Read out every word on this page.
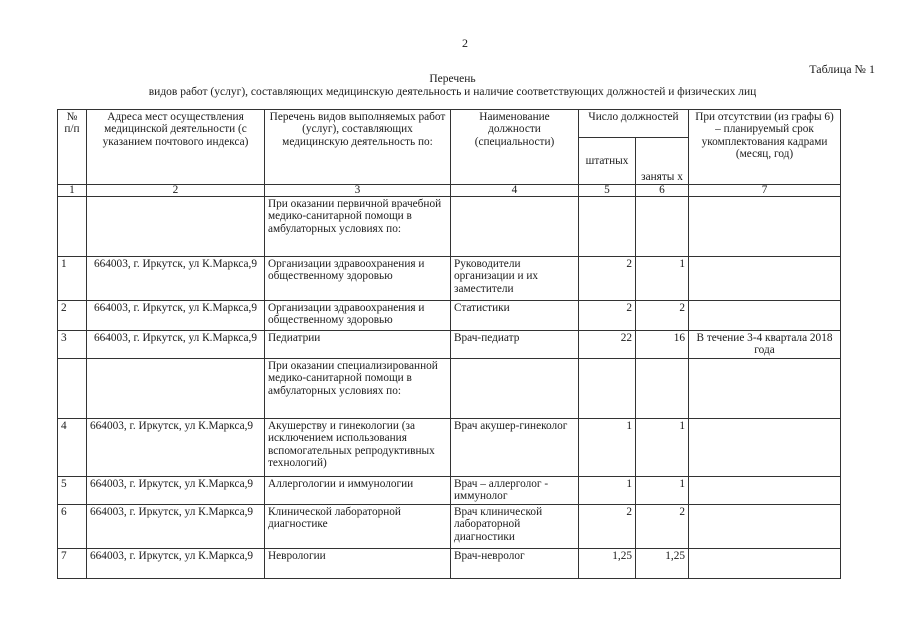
2
Таблица № 1
Перечень
видов работ (услуг), составляющих медицинскую деятельность и наличие соответствующих должностей и физических лиц
№ п/п	Адреса мест осуществления медицинской деятельности (с указанием почтового индекса)	Перечень видов выполняемых работ (услуг), составляющих медицинскую деятельность по:	Наименование должности (специальности)	Число должностей		При отсутствии (из графы 6) – планируемый срок укомплектования кадрами (месяц, год)
				штатных	заняты х	
1	2	3	4	5	6	7
		При оказании первичной врачебной медико-санитарной помощи в амбулаторных условиях по:				
1	664003, г. Иркутск, ул К.Маркса,9	Организации здравоохранения и общественному здоровью	Руководители организации и их заместители	2	1	
2	664003, г. Иркутск, ул К.Маркса,9	Организации здравоохранения и общественному здоровью	Статистики	2	2	
3	664003, г. Иркутск, ул К.Маркса,9	Педиатрии	Врач-педиатр	22	16	В течение 3-4 квартала 2018 года
		При оказании специализированной медико-санитарной помощи в амбулаторных условиях по:				
4	664003, г. Иркутск, ул К.Маркса,9	Акушерству и гинекологии (за исключением использования вспомогательных репродуктивных технологий)	Врач акушер-гинеколог	1	1	
5	664003, г. Иркутск, ул К.Маркса,9	Аллергологии и иммунологии	Врач – аллерголог - иммунолог	1	1	
6	664003, г. Иркутск, ул К.Маркса,9	Клинической лабораторной диагностике	Врач клинической лабораторной диагностики	2	2	
7	664003, г. Иркутск, ул К.Маркса,9	Неврологии	Врач-невролог	1,25	1,25	
